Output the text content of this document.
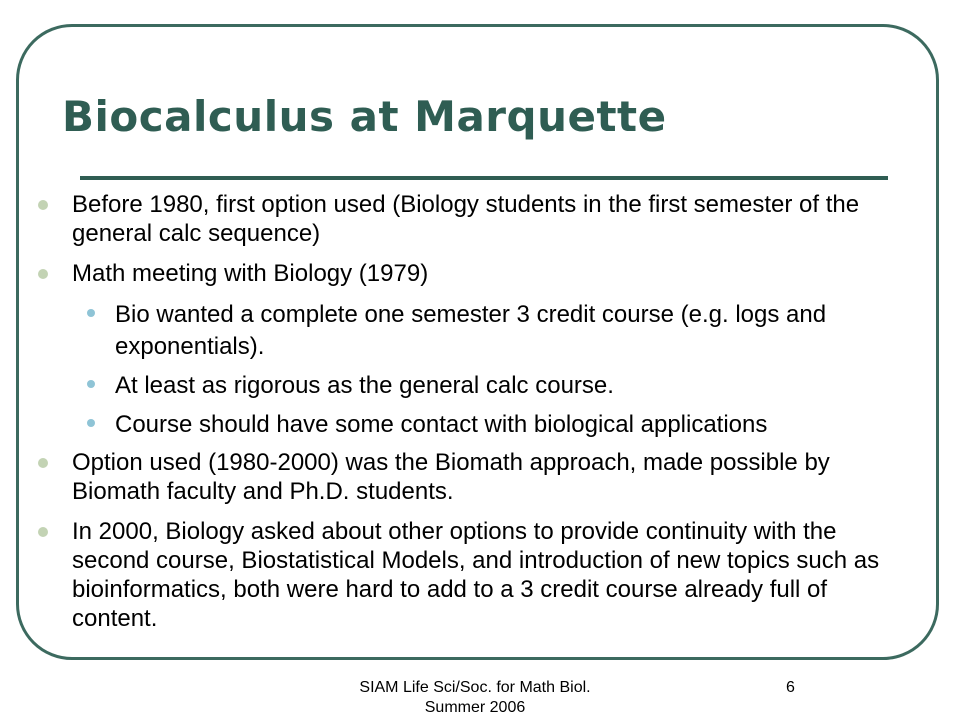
Biocalculus at Marquette
Before 1980, first option used (Biology students in the first semester of the general calc sequence)
Math meeting with Biology (1979)
Bio wanted a complete one semester 3 credit course (e.g. logs and exponentials).
At least as rigorous as the general calc course.
Course should have some contact with biological applications
Option used (1980-2000) was the Biomath approach, made possible by Biomath faculty and Ph.D. students.
In 2000, Biology asked about other options to provide continuity with the second course, Biostatistical Models, and introduction of new topics such as bioinformatics, both were hard to add to a 3 credit course already full of content.
SIAM Life Sci/Soc. for Math Biol.
Summer 2006
6
